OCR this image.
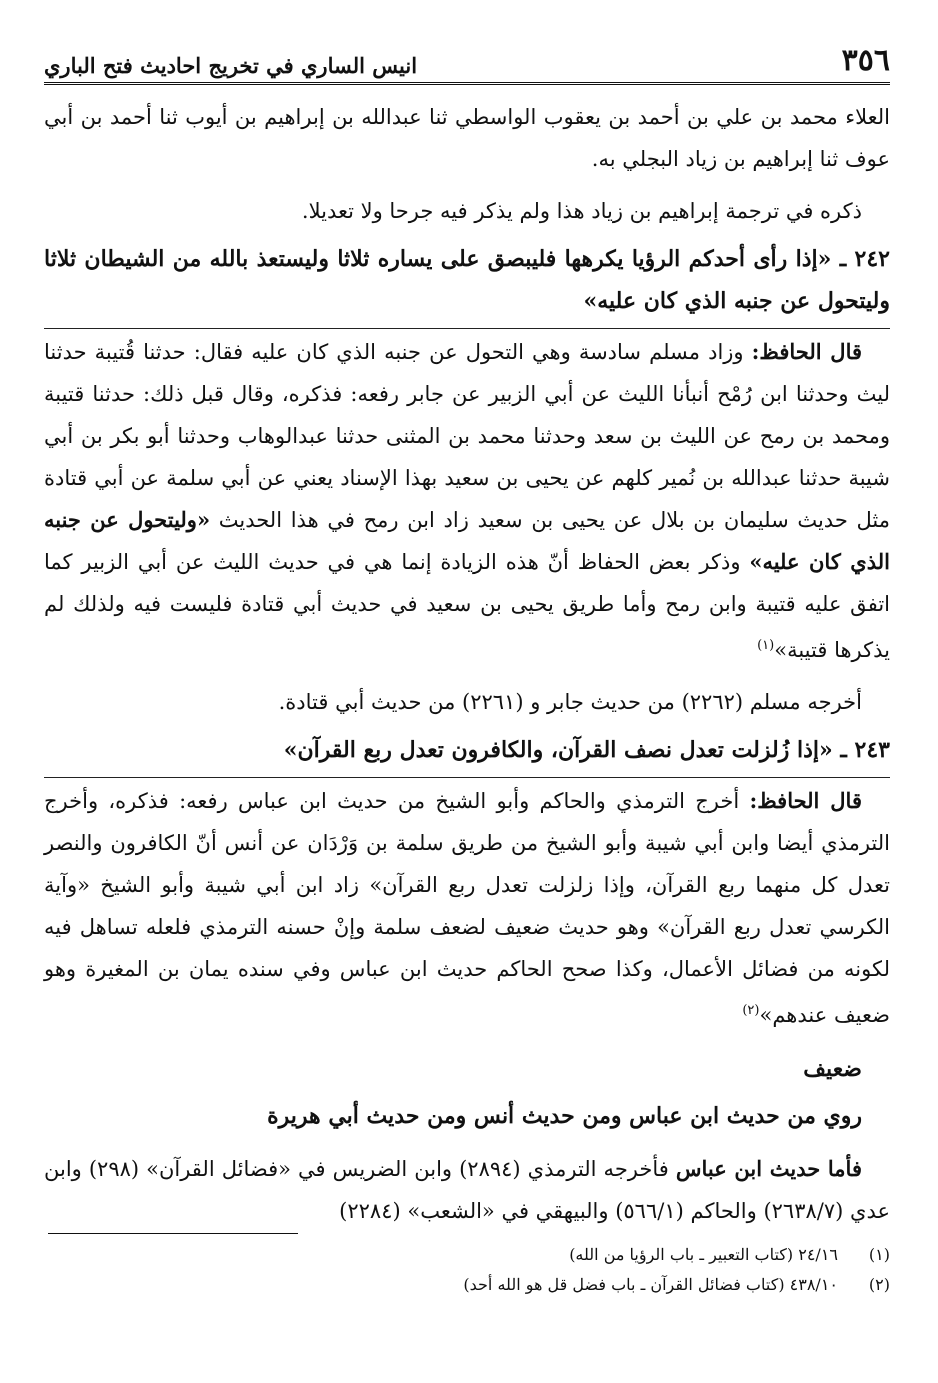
٣٥٦
انيس الساري في تخريج احاديث فتح الباري

العلاء محمد بن علي بن أحمد بن يعقوب الواسطي ثنا عبدالله بن إبراهيم بن أيوب ثنا أحمد بن أبي عوف ثنا إبراهيم بن زياد البجلي به.

ذكره في ترجمة إبراهيم بن زياد هذا ولم يذكر فيه جرحا ولا تعديلا.

٢٤٢ ـ «إذا رأى أحدكم الرؤيا يكرهها فليبصق على يساره ثلاثا وليستعذ بالله من الشيطان ثلاثا وليتحول عن جنبه الذي كان عليه»

قال الحافظ: وزاد مسلم سادسة وهي التحول عن جنبه الذي كان عليه فقال: حدثنا قُتيبة حدثنا ليث وحدثنا ابن رُمْح أنبأنا الليث عن أبي الزبير عن جابر رفعه: فذكره، وقال قبل ذلك: حدثنا قتيبة ومحمد بن رمح عن الليث بن سعد وحدثنا محمد بن المثنى حدثنا عبدالوهاب وحدثنا أبو بكر بن أبي شيبة حدثنا عبدالله بن نُمير كلهم عن يحيى بن سعيد بهذا الإسناد يعني عن أبي سلمة عن أبي قتادة مثل حديث سليمان بن بلال عن يحيى بن سعيد زاد ابن رمح في هذا الحديث «وليتحول عن جنبه الذي كان عليه» وذكر بعض الحفاظ أنّ هذه الزيادة إنما هي في حديث الليث عن أبي الزبير كما اتفق عليه قتيبة وابن رمح وأما طريق يحيى بن سعيد في حديث أبي قتادة فليست فيه ولذلك لم يذكرها قتيبة»$^{(١)}$

أخرجه مسلم (٢٢٦٢) من حديث جابر و (٢٢٦١) من حديث أبي قتادة.

٢٤٣ ـ «إذا زُلزلت تعدل نصف القرآن، والكافرون تعدل ربع القرآن»

قال الحافظ: أخرج الترمذي والحاكم وأبو الشيخ من حديث ابن عباس رفعه: فذكره، وأخرج الترمذي أيضا وابن أبي شيبة وأبو الشيخ من طريق سلمة بن وَرْدَان عن أنس أنّ الكافرون والنصر تعدل كل منهما ربع القرآن، وإذا زلزلت تعدل ربع القرآن» زاد ابن أبي شيبة وأبو الشيخ «وآية الكرسي تعدل ربع القرآن» وهو حديث ضعيف لضعف سلمة وإنْ حسنه الترمذي فلعله تساهل فيه لكونه من فضائل الأعمال، وكذا صحح الحاكم حديث ابن عباس وفي سنده يمان بن المغيرة وهو ضعيف عندهم»$^{(٢)}$

ضعيف
روي من حديث ابن عباس ومن حديث أنس ومن حديث أبي هريرة

فأما حديث ابن عباس فأخرجه الترمذي (٢٨٩٤) وابن الضريس في «فضائل القرآن» (٢٩٨) وابن عدي (٢٦٣٨/٧) والحاكم (٥٦٦/١) والبيهقي في «الشعب» (٢٢٨٤)

(١)
٢٤/١٦ (كتاب التعبير ـ باب الرؤيا من الله)
(٢)
٤٣٨/١٠ (كتاب فضائل القرآن ـ باب فضل قل هو الله أحد)
